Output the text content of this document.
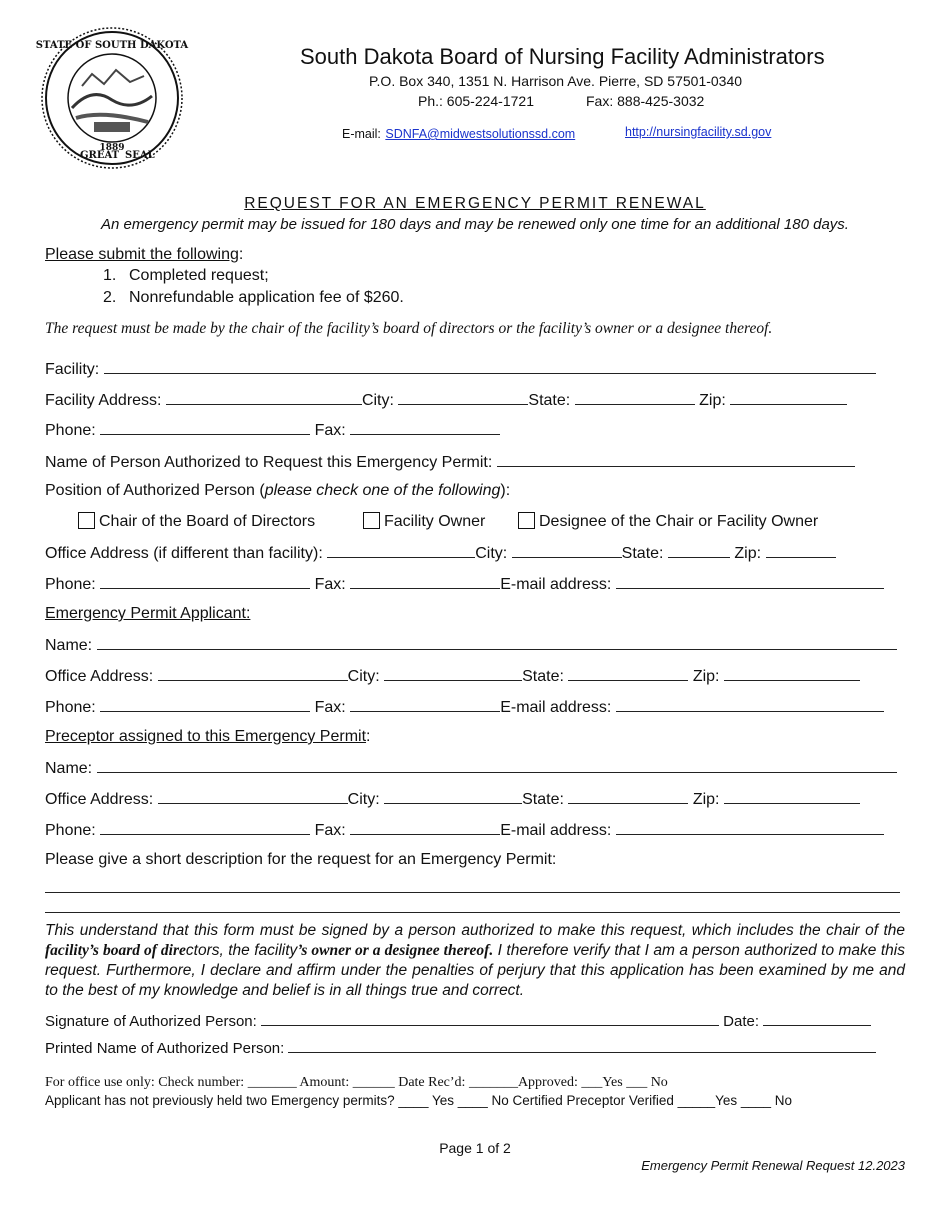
STATE OF SOUTH DAKOTA
GREAT SEAL
1889
South Dakota Board of Nursing Facility Administrators
P.O. Box 340, 1351 N. Harrison Ave. Pierre, SD 57501-0340
Ph.: 605-224-1721	Fax: 888-425-3032
E-mail: SDNFA@midwestsolutionssd.com	http://nursingfacility.sd.gov
REQUEST FOR AN EMERGENCY PERMIT RENEWAL
An emergency permit may be issued for 180 days and may be renewed only one time for an additional 180 days.
Please submit the following:
1. Completed request;
2. Nonrefundable application fee of $260.
The request must be made by the chair of the facility’s board of directors or the facility’s owner or a designee thereof.
Facility:
Facility Address:	City:	State:	Zip:
Phone:	Fax:
Name of Person Authorized to Request this Emergency Permit:
Position of Authorized Person (please check one of the following):
Chair of the Board of Directors	Facility Owner	Designee of the Chair or Facility Owner
Office Address (if different than facility):	City:	State:	Zip:
Phone:	Fax:	E-mail address:
Emergency Permit Applicant:
Name:
Office Address:	City:	State:	Zip:
Phone:	Fax:	E-mail address:
Preceptor assigned to this Emergency Permit:
Name:
Office Address:	City:	State:	Zip:
Phone:	Fax:	E-mail address:
Please give a short description for the request for an Emergency Permit:
This understand that this form must be signed by a person authorized to make this request, which includes the chair of the facility’s board of directors, the facility’s owner or a designee thereof. I therefore verify that I am a person authorized to make this request. Furthermore, I declare and affirm under the penalties of perjury that this application has been examined by me and to the best of my knowledge and belief is in all things true and correct.
Signature of Authorized Person:	Date:
Printed Name of Authorized Person:
For office use only: Check number: _______ Amount: ______ Date Rec’d: _______Approved: ___Yes ___ No
Applicant has not previously held two Emergency permits? ____ Yes ____ No Certified Preceptor Verified _____Yes ____ No
Page 1 of 2
Emergency Permit Renewal Request 12.2023
